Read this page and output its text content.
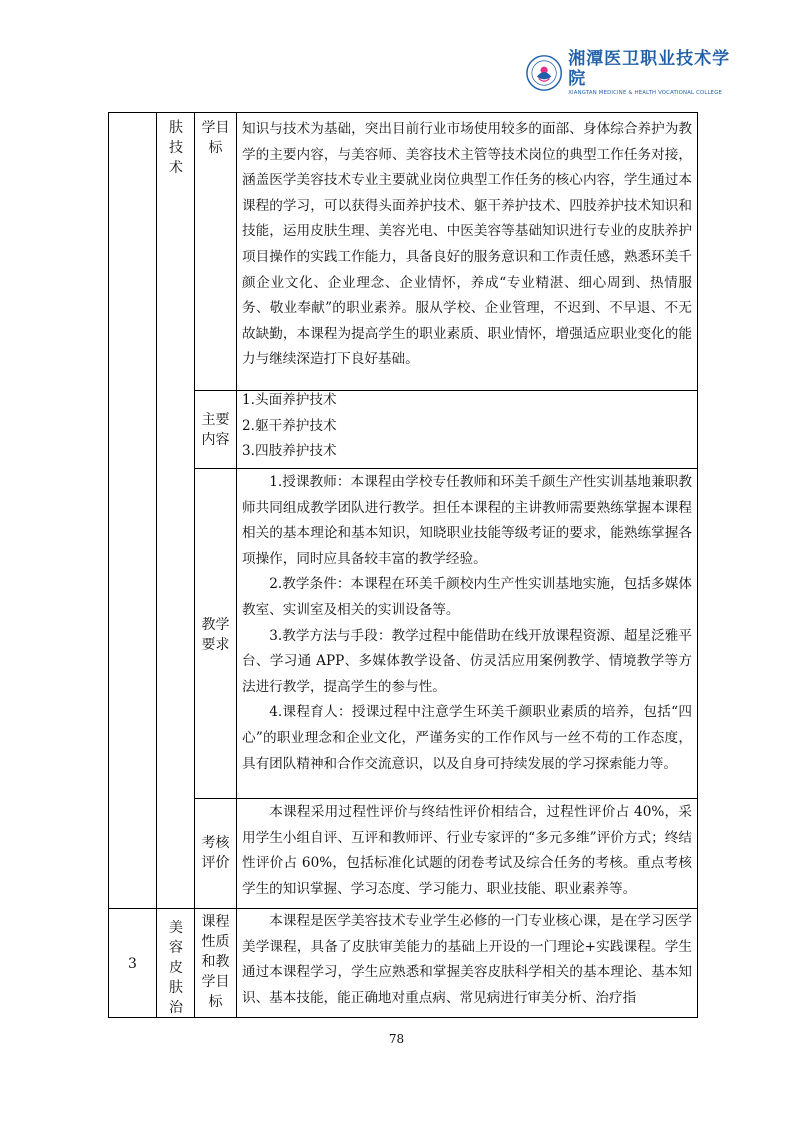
湘潭医卫职业技术学院
XIANGTAN MEDICINE & HEALTH VOCATIONAL COLLEGE
肤
技
术
学目
标

知识与技术为基础，突出目前行业市场使用较多的面部、身体综合养护为教学的主要内容，与美容师、美容技术主管等技术岗位的典型工作任务对接，涵盖医学美容技术专业主要就业岗位典型工作任务的核心内容，学生通过本课程的学习，可以获得头面养护技术、躯干养护技术、四肢养护技术知识和技能，运用皮肤生理、美容光电、中医美容等基础知识进行专业的皮肤养护项目操作的实践工作能力，具备良好的服务意识和工作责任感，熟悉环美千颜企业文化、企业理念、企业情怀，养成“专业精湛、细心周到、热情服务、敬业奉献”的职业素养。服从学校、企业管理，不迟到、不早退、不无故缺勤，本课程为提高学生的职业素质、职业情怀，增强适应职业变化的能力与继续深造打下良好基础。

主要
内容

1.头面养护技术

2.躯干养护技术

3.四肢养护技术

教学
要求

1.授课教师：本课程由学校专任教师和环美千颜生产性实训基地兼职教师共同组成教学团队进行教学。担任本课程的主讲教师需要熟练掌握本课程相关的基本理论和基本知识，知晓职业技能等级考证的要求，能熟练掌握各项操作，同时应具备较丰富的教学经验。

2.教学条件：本课程在环美千颜校内生产性实训基地实施，包括多媒体教室、实训室及相关的实训设备等。

3.教学方法与手段：教学过程中能借助在线开放课程资源、超星泛雅平台、学习通 APP、多媒体教学设备、仿灵活应用案例教学、情境教学等方法进行教学，提高学生的参与性。

4.课程育人：授课过程中注意学生环美千颜职业素质的培养，包括“四心”的职业理念和企业文化，严谨务实的工作作风与一丝不苟的工作态度，具有团队精神和合作交流意识，以及自身可持续发展的学习探索能力等。

考核
评价

本课程采用过程性评价与终结性评价相结合，过程性评价占 40%，采用学生小组自评、互评和教师评、行业专家评的“多元多维”评价方式；终结性评价占 60%，包括标准化试题的闭卷考试及综合任务的考核。重点考核学生的知识掌握、学习态度、学习能力、职业技能、职业素养等。

3
美
容
皮
肤
治
课程
性质
和教
学目
标

本课程是医学美容技术专业学生必修的一门专业核心课，是在学习医学美学课程，具备了皮肤审美能力的基础上开设的一门理论+实践课程。学生通过本课程学习，学生应熟悉和掌握美容皮肤科学相关的基本理论、基本知识、基本技能，能正确地对重点病、常见病进行审美分析、治疗指

78
